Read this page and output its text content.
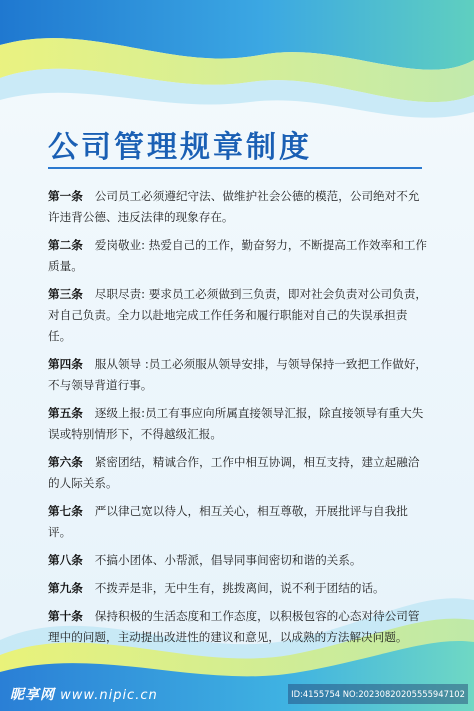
公司管理规章制度
第一条 公司员工必须遵纪守法、做维护社会公德的模范，公司绝对不允许违背公德、违反法律的现象存在。
第二条 爱岗敬业: 热爱自己的工作，勤奋努力，不断提高工作效率和工作质量。
第三条 尽职尽责: 要求员工必须做到三负责，即对社会负责对公司负责，对自己负责。全力以赴地完成工作任务和履行职能对自己的失误承担责任。
第四条 服从领导 :员工必须服从领导安排，与领导保持一致把工作做好，不与领导背道行事。
第五条 逐级上报:员工有事应向所属直接领导汇报，除直接领导有重大失误或特别情形下，不得越级汇报。
第六条 紧密团结，精诚合作，工作中相互协调，相互支持，建立起融洽的人际关系。
第七条 严以律己宽以待人，相互关心，相互尊敬，开展批评与自我批评。
第八条 不搞小团体、小帮派，倡导同事间密切和谐的关系。
第九条 不拨弄是非，无中生有，挑拨离间，说不利于团结的话。
第十条 保持积极的生活态度和工作态度，以积极包容的心态对待公司管理中的问题，主动提出改进性的建议和意见，以成熟的方法解决问题。
昵享网 www.nipic.cn	ID:4155754 NO:20230820205555947102
